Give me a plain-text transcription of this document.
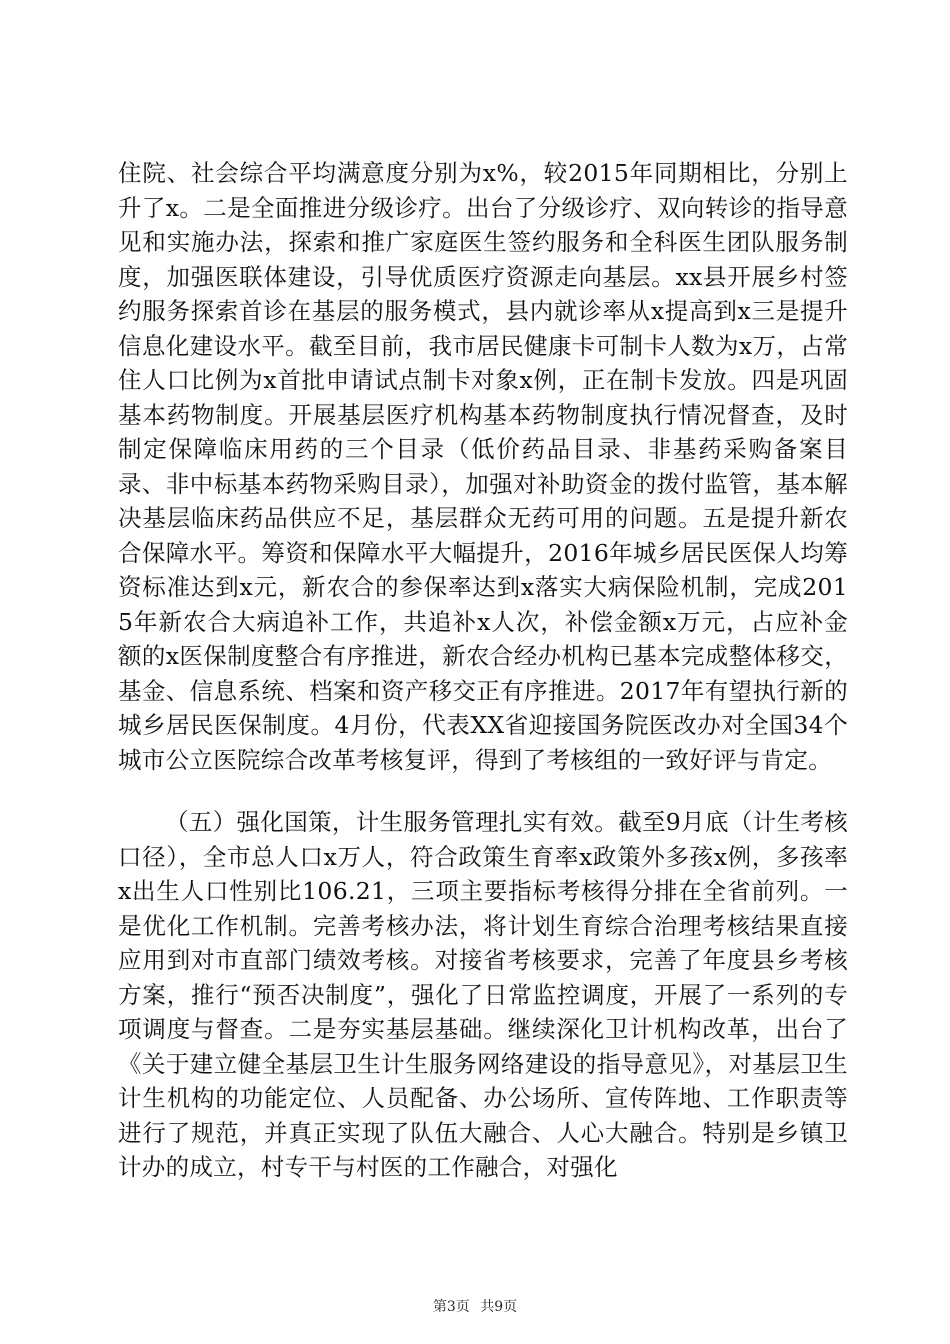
住院、社会综合平均满意度分别为x%，较2015年同期相比，分别上升了x。二是全面推进分级诊疗。出台了分级诊疗、双向转诊的指导意见和实施办法，探索和推广家庭医生签约服务和全科医生团队服务制度，加强医联体建设，引导优质医疗资源走向基层。xx县开展乡村签约服务探索首诊在基层的服务模式，县内就诊率从x提高到x三是提升信息化建设水平。截至目前，我市居民健康卡可制卡人数为x万，占常住人口比例为x首批申请试点制卡对象x例，正在制卡发放。四是巩固基本药物制度。开展基层医疗机构基本药物制度执行情况督查，及时制定保障临床用药的三个目录（低价药品目录、非基药采购备案目录、非中标基本药物采购目录），加强对补助资金的拨付监管，基本解决基层临床药品供应不足，基层群众无药可用的问题。五是提升新农合保障水平。筹资和保障水平大幅提升，2016年城乡居民医保人均筹资标准达到x元，新农合的参保率达到x落实大病保险机制，完成2015年新农合大病追补工作，共追补x人次，补偿金额x万元，占应补金额的x医保制度整合有序推进，新农合经办机构已基本完成整体移交，基金、信息系统、档案和资产移交正有序推进。2017年有望执行新的城乡居民医保制度。4月份，代表XX省迎接国务院医改办对全国34个城市公立医院综合改革考核复评，得到了考核组的一致好评与肯定。

（五）强化国策，计生服务管理扎实有效。截至9月底（计生考核口径），全市总人口x万人，符合政策生育率x政策外多孩x例，多孩率x出生人口性别比106.21，三项主要指标考核得分排在全省前列。一是优化工作机制。完善考核办法，将计划生育综合治理考核结果直接应用到对市直部门绩效考核。对接省考核要求，完善了年度县乡考核方案，推行“预否决制度”，强化了日常监控调度，开展了一系列的专项调度与督查。二是夯实基层基础。继续深化卫计机构改革，出台了《关于建立健全基层卫生计生服务网络建设的指导意见》，对基层卫生计生机构的功能定位、人员配备、办公场所、宣传阵地、工作职责等进行了规范，并真正实现了队伍大融合、人心大融合。特别是乡镇卫计办的成立，村专干与村医的工作融合，对强化

第3页 共9页
